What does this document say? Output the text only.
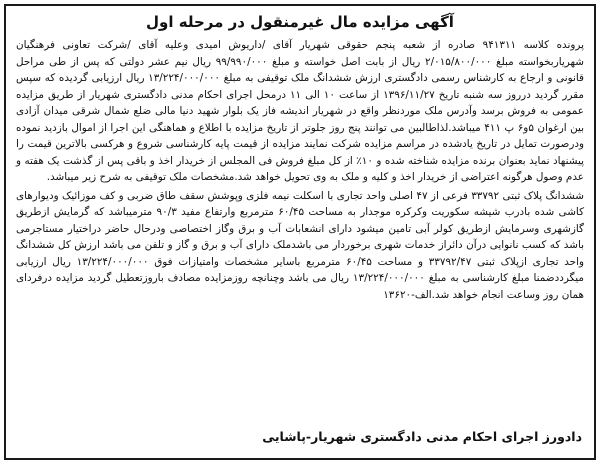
آگهی مزایده مال غیرمنقول در مرحله اول

پرونده کلاسه ۹۴۱۳۱۱ صادره از شعبه پنجم حقوقی شهریار آقای /داریوش امیدی وعلیه آقای /شرکت تعاونی فرهنگیان شهریاربخواسته مبلغ ۲/۰۱۵/۸۰۰/۰۰۰ ریال از بابت اصل خواسته و مبلغ ۹۹/۹۹۰/۰۰۰ ریال نیم عشر دولتی که پس از طی مراحل قانونی و ارجاع به کارشناس رسمی دادگستری ارزش ششدانگ ملک توقیفی به مبلغ ۱۳/۲۲۴/۰۰۰/۰۰۰ ریال ارزیابی گردیده که سپس مقرر گردید درروز سه شنبه تاریخ ۱۳۹۶/۱۱/۲۷ از ساعت ۱۰ الی ۱۱ درمحل اجرای احکام مدنی دادگستری شهریار از طریق مزایده عمومی به فروش برسد وآدرس ملک موردنظر واقع در شهریار اندیشه فاز یک بلوار شهید دنیا مالی ضلع شمال شرقی میدان آزادی بین ارغوان ۵و۶ پ ۴۱۱ میباشد.لذاطالبین می توانند پنج روز جلوتر از تاریخ مزایده با اطلاع و هماهنگی این اجرا از اموال بازدید نموده ودرصورت تمایل در تاریخ یادشده در مراسم مزایده شرکت نمایند مزایده از قیمت پایه کارشناسی شروع و هرکسی بالاترین قیمت را پیشنهاد نماید بعنوان برنده مزایده شناخته شده و ۱۰٪ از کل مبلغ فروش فی المجلس از خریدار اخذ و باقی پس از گذشت یک هفته و عدم وصول هرگونه اعتراضی از خریدار اخذ و کلیه و ملک به وی تحویل خواهد شد.مشخصات ملک توقیفی به شرح زیر میباشد.

ششدانگ پلاک ثبتی ۳۳۷۹۲ فرعی از ۴۷ اصلی واحد تجاری با اسکلت نیمه فلزی وپوشش سقف طاق ضربی و کف موزائیک ودیوارهای کاشی شده بادرب شیشه سکوریت وکرکره موجدار به مساحت ۶۰/۴۵ مترمربع وارتفاع مفید ۹۰/۳ مترمیباشد که گرمایش ازطریق گازشهری وسرمایش ازطریق کولر آبی تامین میشود دارای انشعابات آب و برق وگاز اختصاصی ودرحال حاضر دراختیار مستاجرمی باشد که کسب نانوایی درآن دائراز خدمات شهری برخوردار می باشدملک دارای آب و برق و گاز و تلفن می باشد ارزش کل ششدانگ واحد تجاری ازپلاک ثبتی ۳۳۷۹۲/۴۷ و مساحت ۶۰/۴۵ مترمربع باسایر مشخصات وامتیازات فوق ۱۳/۲۲۴/۰۰۰/۰۰۰ ریال ارزیابی میگرددضمنا مبلغ کارشناسی به مبلغ ۱۳/۲۲۴/۰۰۰/۰۰۰ ریال می باشد وچنانچه روزمزایده مصادف باروزتعطیل گردید مزایده درفردای همان روز وساعت انجام خواهد شد.الف-۱۳۶۲۰

دادورز اجرای احکام مدنی دادگستری شهریار-پاشایی
